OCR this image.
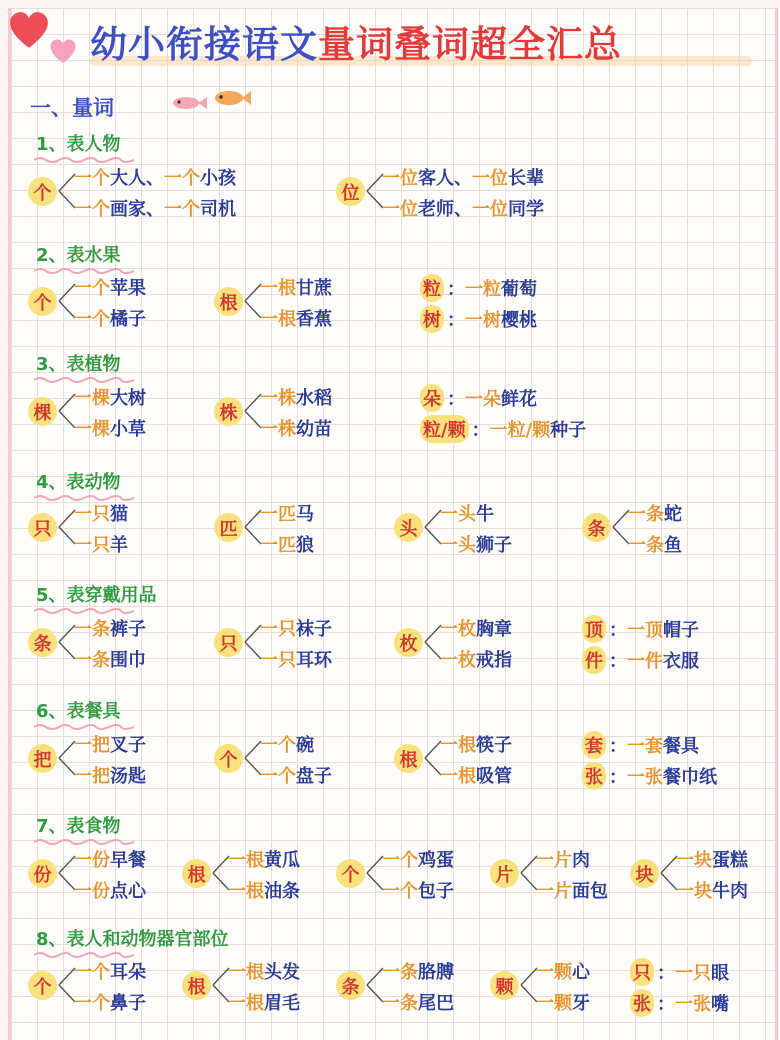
幼小衔接语文量词叠词超全汇总
一、量词
1、表人物
2、表水果
3、表植物
4、表动物
5、表穿戴用品
6、表餐具
7、表食物
8、表人和动物器官部位
个
一个大人、一个小孩
一个画家、一个司机
位
一位客人、一位长辈
一位老师、一位同学
个
一个苹果
一个橘子
根
一根甘蔗
一根香蕉
粒 ： 一粒 葡萄
树 ： 一树 樱桃
棵
一棵大树
一棵小草
株
一株水稻
一株幼苗
朵 ： 一朵 鲜花
粒/颗 ： 一粒/颗 种子
只
一只猫
一只羊
匹
一匹马
一匹狼
头
一头牛
一头狮子
条
一条蛇
一条鱼
条
一条裤子
一条围巾
只
一只袜子
一只耳环
枚
一枚胸章
一枚戒指
顶 ： 一顶 帽子
件 ： 一件 衣服
把
一把叉子
一把汤匙
个
一个碗
一个盘子
根
一根筷子
一根吸管
套 ： 一套 餐具
张 ： 一张 餐巾纸
份
一份早餐
一份点心
根
一根黄瓜
一根油条
个
一个鸡蛋
一个包子
片
一片肉
一片面包
块
一块蛋糕
一块牛肉
个
一个耳朵
一个鼻子
根
一根头发
一根眉毛
条
一条胳膊
一条尾巴
颗
一颗心
一颗牙
只 ： 一只 眼
张 ： 一张 嘴
